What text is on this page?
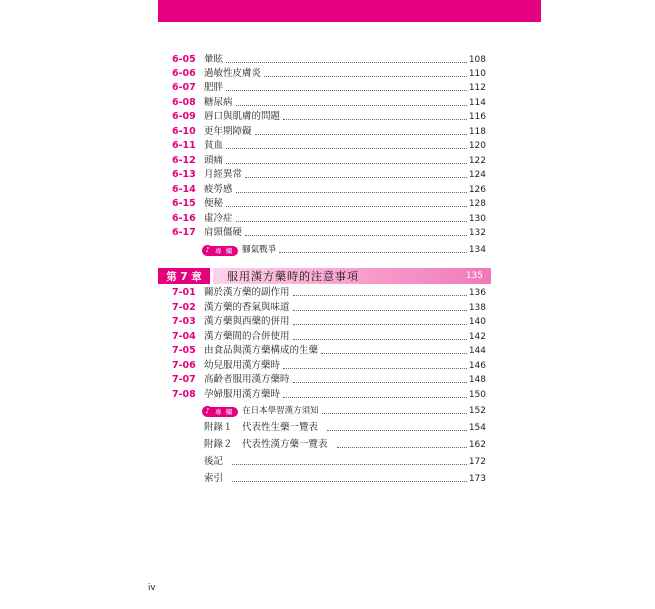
6-05 暈眩	108
6-06 過敏性皮膚炎	110
6-07 肥胖	112
6-08 糖尿病	114
6-09 唇口與肌膚的問題	116
6-10 更年期障礙	118
6-11 貧血	120
6-12 頭痛	122
6-13 月經異常	124
6-14 疲勞感	126
6-15 便秘	128
6-16 虛冷症	130
6-17 肩頸僵硬	132
♪ 專 欄	腳氣戰爭	134
第 7 章	服用漢方藥時的注意事項	135
7-01 關於漢方藥的副作用	136
7-02 漢方藥的香氣與味道	138
7-03 漢方藥與西藥的併用	140
7-04 漢方藥間的合併使用	142
7-05 由食品與漢方藥構成的生藥	144
7-06 幼兒服用漢方藥時	146
7-07 高齡者服用漢方藥時	148
7-08 孕婦服用漢方藥時	150
♪ 專 欄	在日本學習漢方須知	152
附錄１　代表性生藥一覽表	154
附錄２　代表性漢方藥一覽表	162
後記	172
索引	173
iv
